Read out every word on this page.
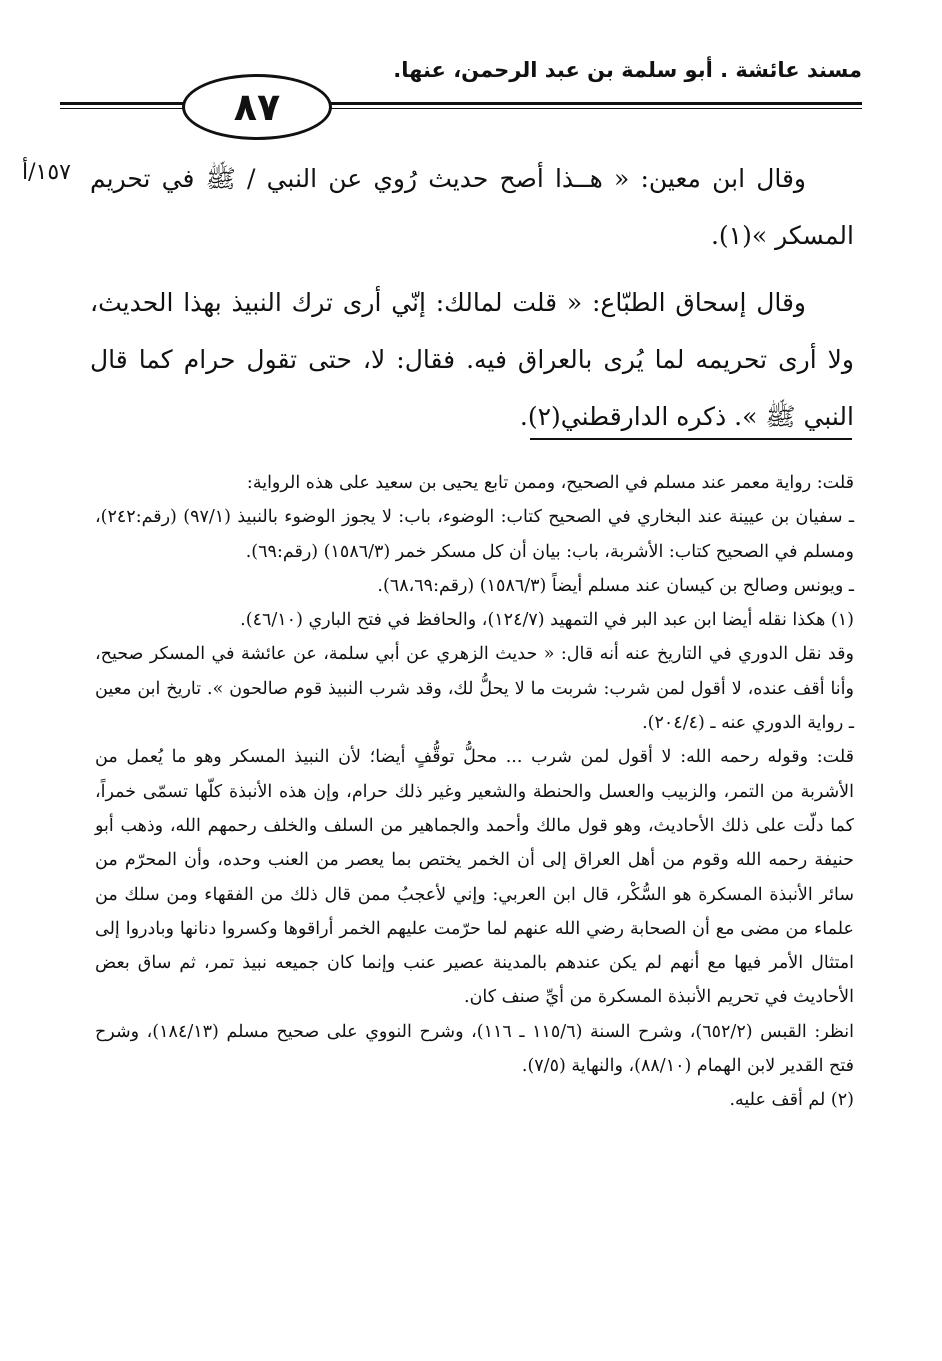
مسند عائشة . أبو سلمة بن عبد الرحمن، عنها.
٨٧
١٥٧/أ وقال ابن معين: « هــذا أصح حديث رُوي عن النبي / ﷺ في تحريم المسكر »(١).

وقال إسحاق الطبّاع: « قلت لمالك: إنّي أرى ترك النبيذ بهذا الحديث، ولا أرى تحريمه لما يُرى بالعراق فيه. فقال: لا، حتى تقول حرام كما قال النبي ﷺ ». ذكره الدارقطني(٢).

قلت: رواية معمر عند مسلم في الصحيح، وممن تابع يحيى بن سعيد على هذه الرواية:

ـ سفيان بن عيينة عند البخاري في الصحيح كتاب: الوضوء، باب: لا يجوز الوضوء بالنبيذ (٩٧/١) (رقم:٢٤٢)، ومسلم في الصحيح كتاب: الأشربة، باب: بيان أن كل مسكر خمر (١٥٨٦/٣) (رقم:٦٩).

ـ ويونس وصالح بن كيسان عند مسلم أيضاً (١٥٨٦/٣) (رقم:٦٨،٦٩).

(١) هكذا نقله أيضا ابن عبد البر في التمهيد (١٢٤/٧)، والحافظ في فتح الباري (٤٦/١٠).

وقد نقل الدوري في التاريخ عنه أنه قال: « حديث الزهري عن أبي سلمة، عن عائشة في المسكر صحيح، وأنا أقف عنده، لا أقول لمن شرب: شربت ما لا يحلُّ لك، وقد شرب النبيذ قوم صالحون ». تاريخ ابن معين ـ رواية الدوري عنه ـ (٢٠٤/٤).

قلت: وقوله رحمه الله: لا أقول لمن شرب ... محلُّ توقُّفٍ أيضا؛ لأن النبيذ المسكر وهو ما يُعمل من الأشربة من التمر، والزبيب والعسل والحنطة والشعير وغير ذلك حرام، وإن هذه الأنبذة كلّها تسمّى خمراً، كما دلّت على ذلك الأحاديث، وهو قول مالك وأحمد والجماهير من السلف والخلف رحمهم الله، وذهب أبو حنيفة رحمه الله وقوم من أهل العراق إلى أن الخمر يختص بما يعصر من العنب وحده، وأن المحرّم من سائر الأنبذة المسكرة هو السُّكْر، قال ابن العربي: وإني لأعجبُ ممن قال ذلك من الفقهاء ومن سلك من علماء من مضى مع أن الصحابة رضي الله عنهم لما حرّمت عليهم الخمر أراقوها وكسروا دنانها وبادروا إلى امتثال الأمر فيها مع أنهم لم يكن عندهم بالمدينة عصير عنب وإنما كان جميعه نبيذ تمر، ثم ساق بعض الأحاديث في تحريم الأنبذة المسكرة من أيِّ صنف كان.

انظر: القبس (٦٥٢/٢)، وشرح السنة (١١٥/٦ ـ ١١٦)، وشرح النووي على صحيح مسلم (١٨٤/١٣)، وشرح فتح القدير لابن الهمام (٨٨/١٠)، والنهاية (٧/٥).

(٢) لم أقف عليه.
